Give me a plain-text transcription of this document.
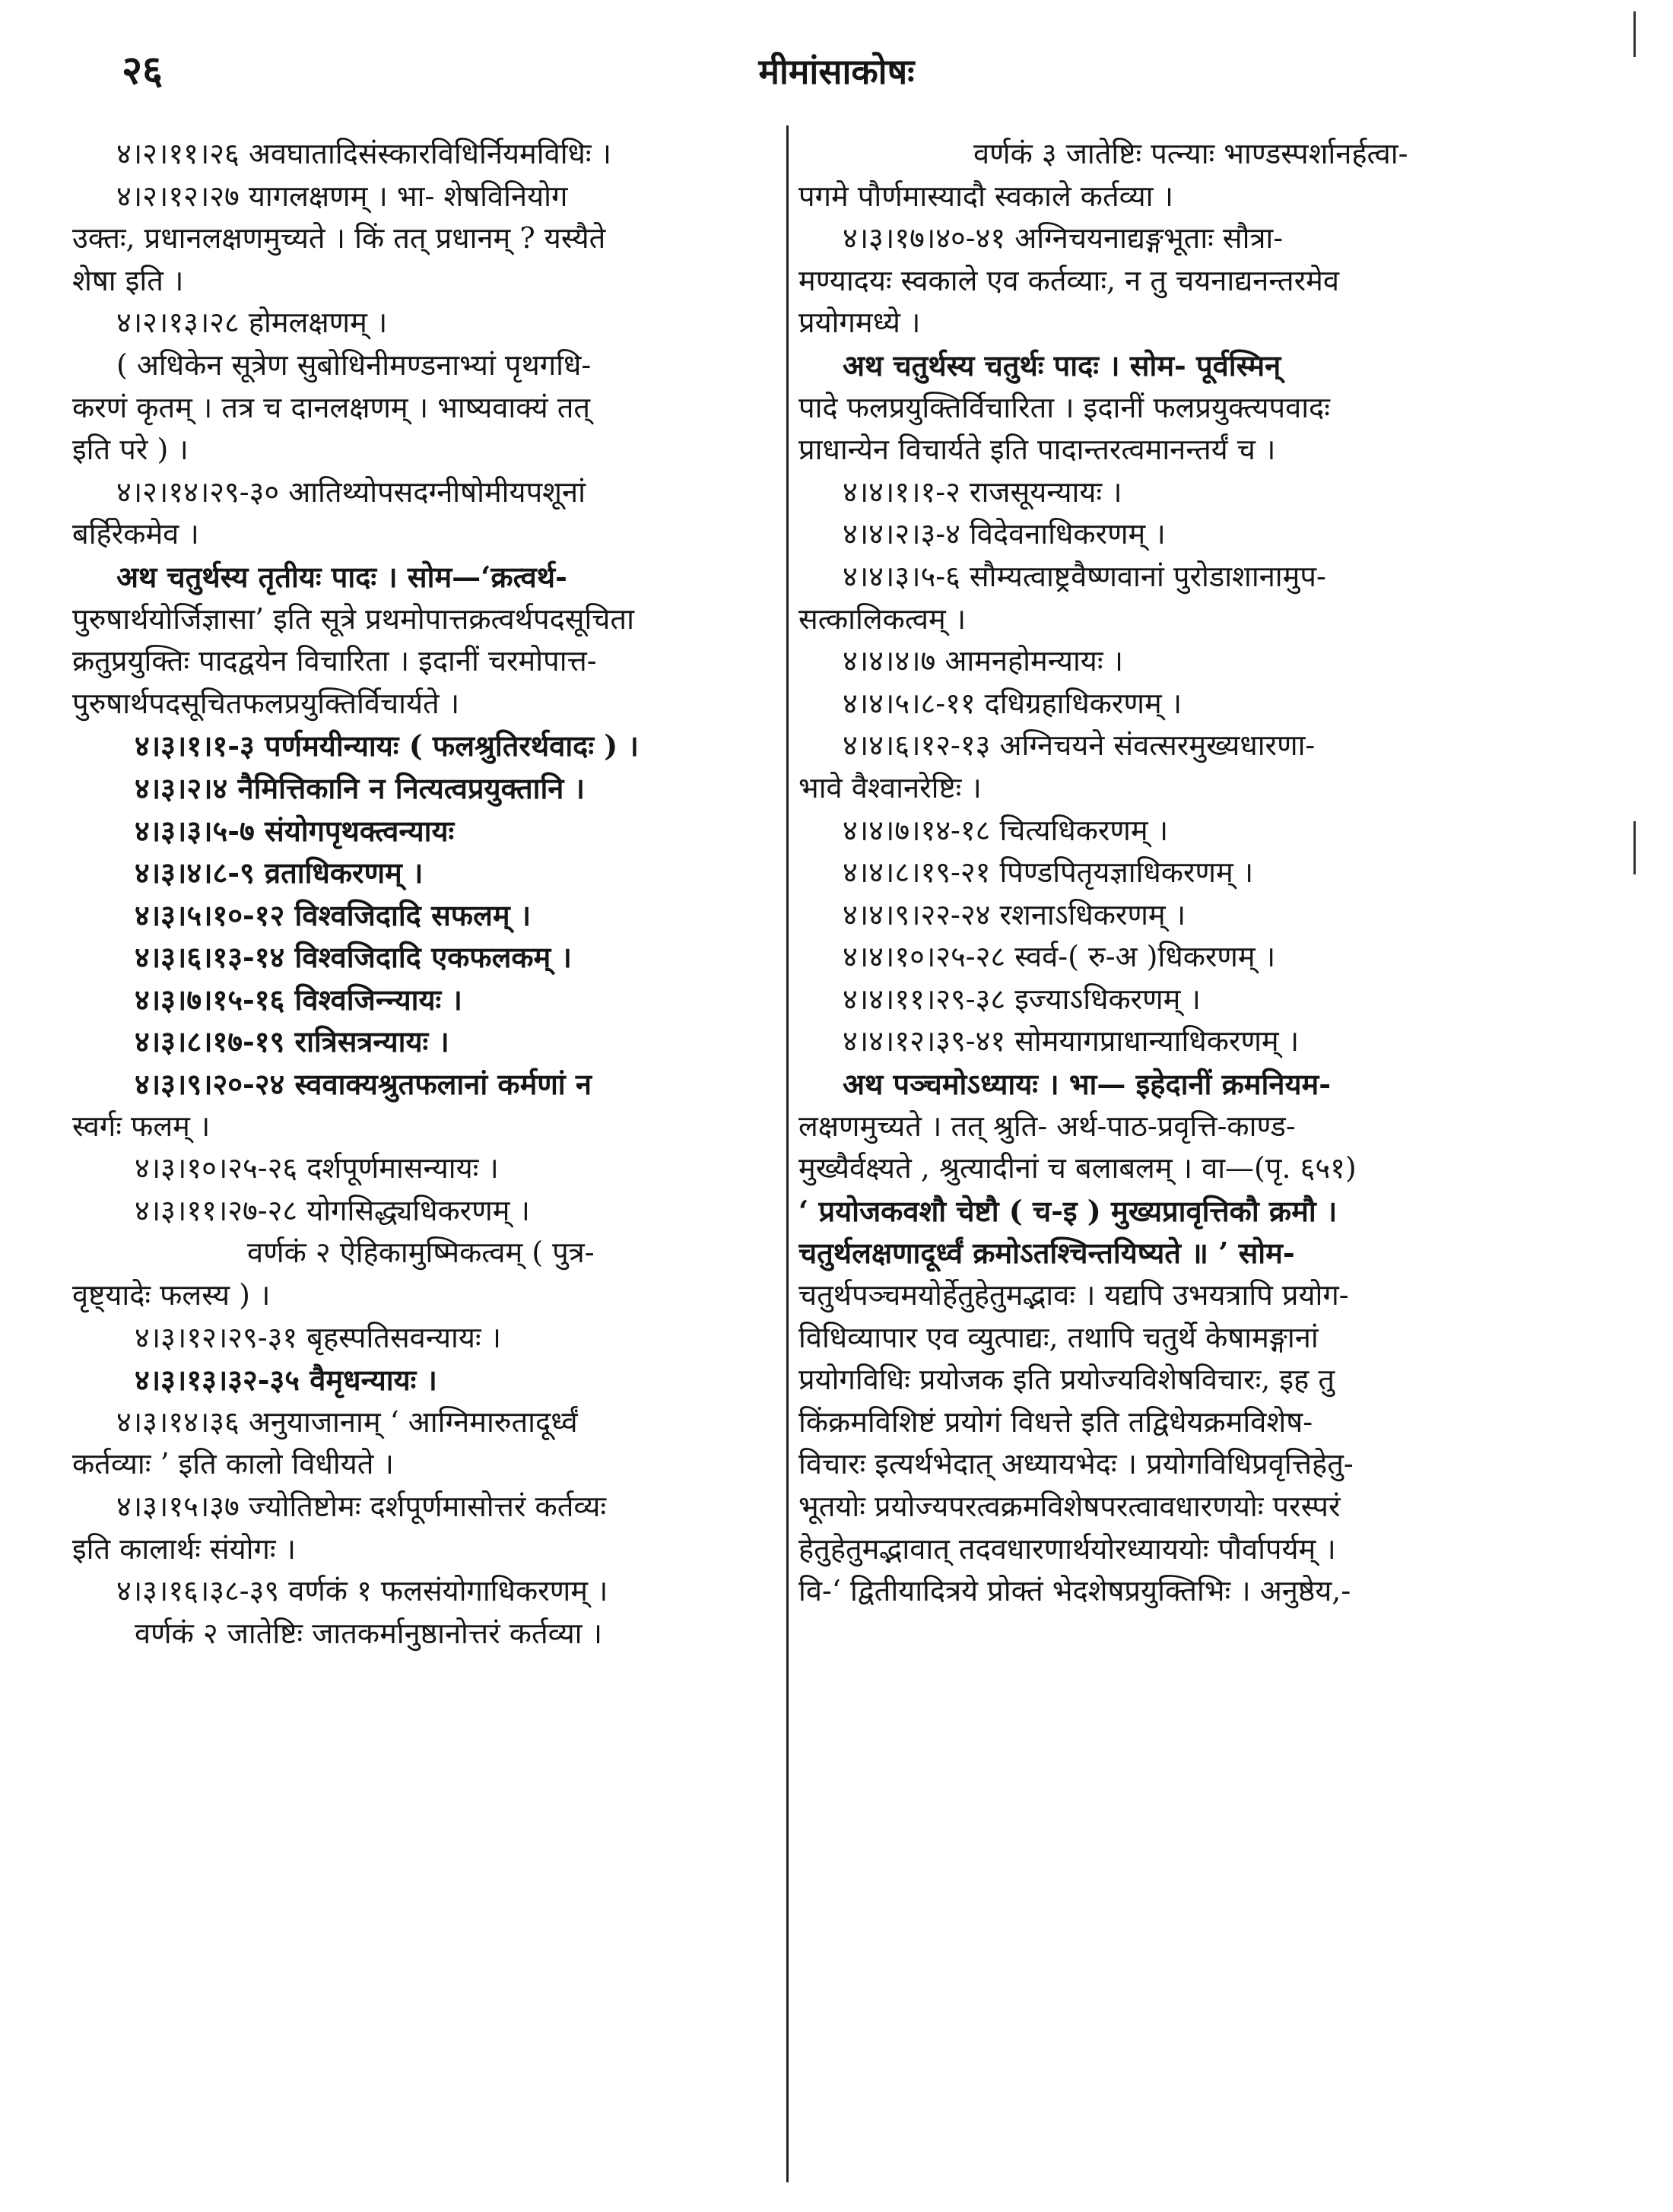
२६	मीमांसाकोषः
४।२।११।२६ अवघातादिसंस्कारविधिर्नियमविधिः ।
४।२।१२।२७ यागलक्षणम् । भा- शेषविनियोग
उक्तः, प्रधानलक्षणमुच्यते । किं तत् प्रधानम् ? यस्यैते
शेषा इति ।
४।२।१३।२८ होमलक्षणम् ।
( अधिकेन सूत्रेण सुबोधिनीमण्डनाभ्यां पृथगधि-
करणं कृतम् । तत्र च दानलक्षणम् । भाष्यवाक्यं तत्
इति परे ) ।
४।२।१४।२९-३० आतिथ्योपसदग्नीषोमीयपशूनां
बर्हिरेकमेव ।
अथ चतुर्थस्य तृतीयः पादः । सोम—‘क्रत्वर्थ-
पुरुषार्थयोर्जिज्ञासा’ इति सूत्रे प्रथमोपात्तक्रत्वर्थपदसूचिता
क्रतुप्रयुक्तिः पादद्वयेन विचारिता । इदानीं चरमोपात्त-
पुरुषार्थपदसूचितफलप्रयुक्तिर्विचार्यते ।
४।३।१।१-३ पर्णमयीन्यायः ( फलश्रुतिरर्थवादः ) ।
४।३।२।४ नैमित्तिकानि न नित्यत्वप्रयुक्तानि ।
४।३।३।५-७ संयोगपृथक्त्वन्यायः
४।३।४।८-९ व्रताधिकरणम् ।
४।३।५।१०-१२ विश्वजिदादि सफलम् ।
४।३।६।१३-१४ विश्वजिदादि एकफलकम् ।
४।३।७।१५-१६ विश्वजिन्न्यायः ।
४।३।८।१७-१९ रात्रिसत्रन्यायः ।
४।३।९।२०-२४ स्ववाक्यश्रुतफलानां कर्मणां न
स्वर्गः फलम् ।
४।३।१०।२५-२६ दर्शपूर्णमासन्यायः ।
४।३।११।२७-२८ योगसिद्ध्यधिकरणम् ।
वर्णकं २ ऐहिकामुष्मिकत्वम् ( पुत्र-
वृष्ट्यादेः फलस्य ) ।
४।३।१२।२९-३१ बृहस्पतिसवन्यायः ।
४।३।१३।३२-३५ वैमृधन्यायः ।
४।३।१४।३६ अनुयाजानाम् ‘ आग्निमारुतादूर्ध्वं
कर्तव्याः ’ इति कालो विधीयते ।
४।३।१५।३७ ज्योतिष्टोमः दर्शपूर्णमासोत्तरं कर्तव्यः
इति कालार्थः संयोगः ।
४।३।१६।३८-३९ वर्णकं १ फलसंयोगाधिकरणम् ।
वर्णकं २ जातेष्टिः जातकर्मानुष्ठानोत्तरं कर्तव्या ।
वर्णकं ३ जातेष्टिः पत्न्याः भाण्डस्पर्शानर्हत्वा-
पगमे पौर्णमास्यादौ स्वकाले कर्तव्या ।
४।३।१७।४०-४१ अग्निचयनाद्यङ्गभूताः सौत्रा-
मण्यादयः स्वकाले एव कर्तव्याः, न तु चयनाद्यनन्तरमेव
प्रयोगमध्ये ।
अथ चतुर्थस्य चतुर्थः पादः । सोम- पूर्वस्मिन्
पादे फलप्रयुक्तिर्विचारिता । इदानीं फलप्रयुक्त्यपवादः
प्राधान्येन विचार्यते इति पादान्तरत्वमानन्तर्यं च ।
४।४।१।१-२ राजसूयन्यायः ।
४।४।२।३-४ विदेवनाधिकरणम् ।
४।४।३।५-६ सौम्यत्वाष्ट्रवैष्णवानां पुरोडाशानामुप-
सत्कालिकत्वम् ।
४।४।४।७ आमनहोमन्यायः ।
४।४।५।८-११ दधिग्रहाधिकरणम् ।
४।४।६।१२-१३ अग्निचयने संवत्सरमुख्यधारणा-
भावे वैश्वानरेष्टिः ।
४।४।७।१४-१८ चित्यधिकरणम् ।
४।४।८।१९-२१ पिण्डपितृयज्ञाधिकरणम् ।
४।४।९।२२-२४ रशनाऽधिकरणम् ।
४।४।१०।२५-२८ स्वर्व-( रु-अ )धिकरणम् ।
४।४।११।२९-३८ इज्याऽधिकरणम् ।
४।४।१२।३९-४१ सोमयागप्राधान्याधिकरणम् ।
अथ पञ्चमोऽध्यायः । भा— इहेदानीं क्रमनियम-
लक्षणमुच्यते । तत् श्रुति- अर्थ-पाठ-प्रवृत्ति-काण्ड-
मुख्यैर्वक्ष्यते , श्रुत्यादीनां च बलाबलम् । वा—(पृ. ६५१)
‘ प्रयोजकवशौ चेष्टौ ( च-इ ) मुख्यप्रावृत्तिकौ क्रमौ ।
चतुर्थलक्षणादूर्ध्वं क्रमोऽतश्चिन्तयिष्यते ॥ ’ सोम-
चतुर्थपञ्चमयोर्हेतुहेतुमद्भावः । यद्यपि उभयत्रापि प्रयोग-
विधिव्यापार एव व्युत्पाद्यः, तथापि चतुर्थे केषामङ्गानां
प्रयोगविधिः प्रयोजक इति प्रयोज्यविशेषविचारः, इह तु
किंक्रमविशिष्टं प्रयोगं विधत्ते इति तद्विधेयक्रमविशेष-
विचारः इत्यर्थभेदात् अध्यायभेदः । प्रयोगविधिप्रवृत्तिहेतु-
भूतयोः प्रयोज्यपरत्वक्रमविशेषपरत्वावधारणयोः परस्परं
हेतुहेतुमद्भावात् तदवधारणार्थयोरध्याययोः पौर्वापर्यम् ।
वि-‘ द्वितीयादित्रये प्रोक्तं भेदशेषप्रयुक्तिभिः । अनुष्ठेय,-
